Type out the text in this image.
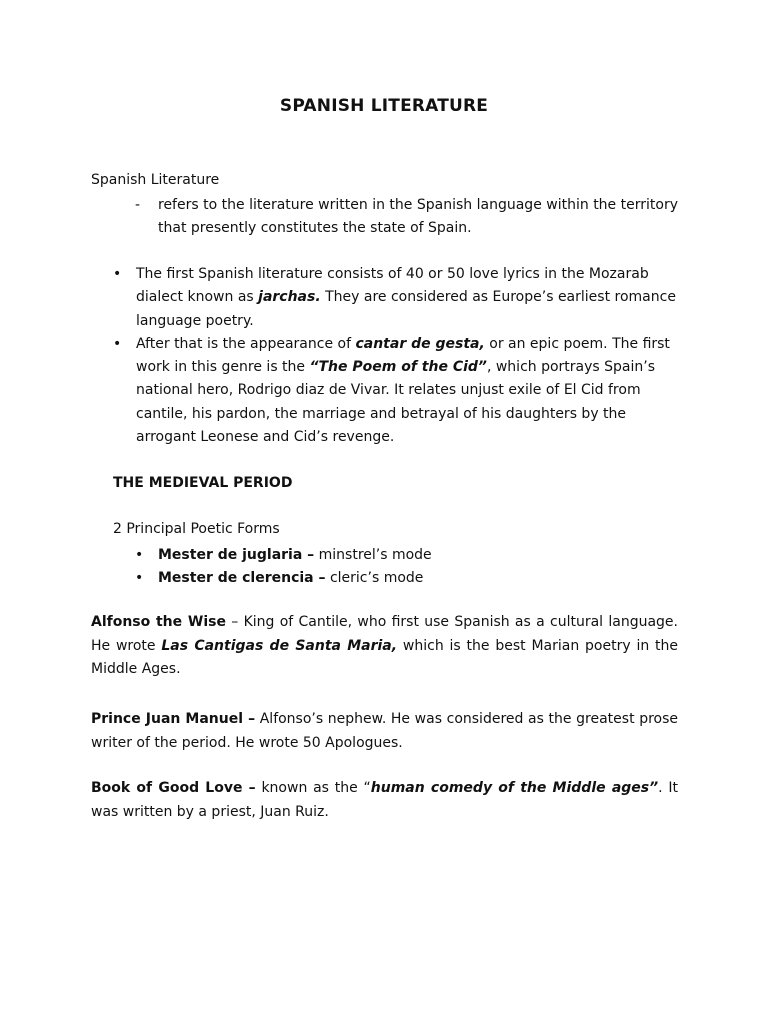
SPANISH LITERATURE
Spanish Literature
- refers to the literature written in the Spanish language within the territory that presently constitutes the state of Spain.
• The first Spanish literature consists of 40 or 50 love lyrics in the Mozarab dialect known as jarchas. They are considered as Europe’s earliest romance language poetry.
• After that is the appearance of cantar de gesta, or an epic poem. The first work in this genre is the “The Poem of the Cid”, which portrays Spain’s national hero, Rodrigo diaz de Vivar. It relates unjust exile of El Cid from cantile, his pardon, the marriage and betrayal of his daughters by the arrogant Leonese and Cid’s revenge.
THE MEDIEVAL PERIOD
2 Principal Poetic Forms
• Mester de juglaria – minstrel’s mode
• Mester de clerencia – cleric’s mode
Alfonso the Wise – King of Cantile, who first use Spanish as a cultural language. He wrote Las Cantigas de Santa Maria, which is the best Marian poetry in the Middle Ages.
Prince Juan Manuel – Alfonso’s nephew. He was considered as the greatest prose writer of the period. He wrote 50 Apologues.
Book of Good Love – known as the “human comedy of the Middle ages”. It was written by a priest, Juan Ruiz.
